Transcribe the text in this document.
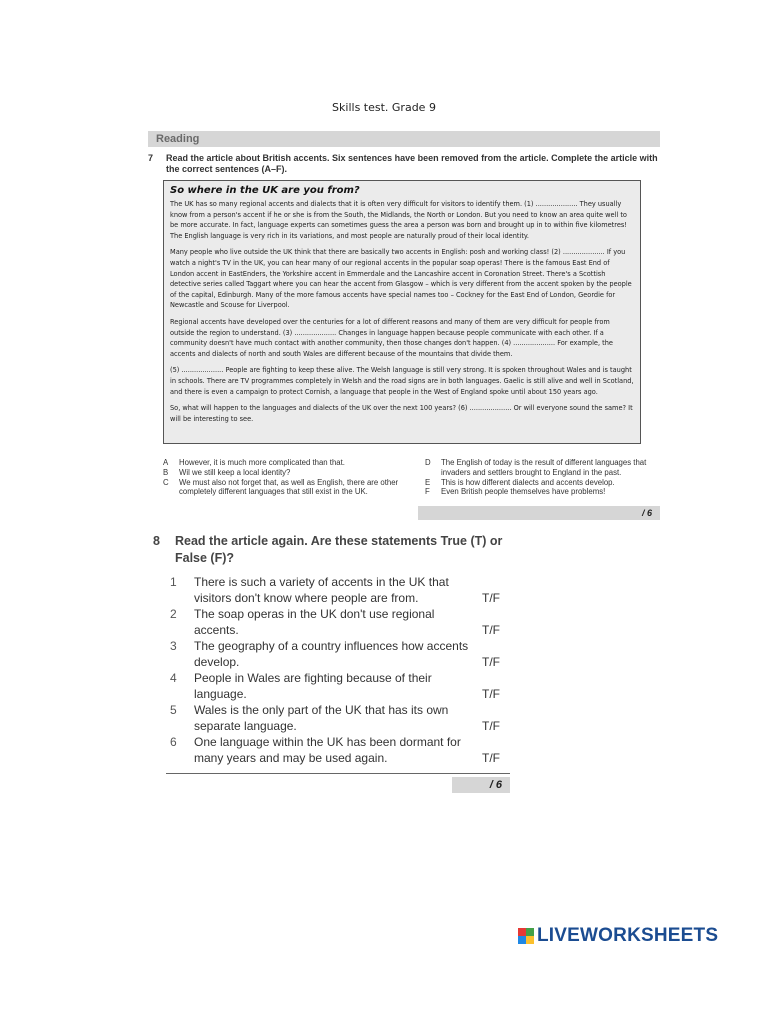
Skills test. Grade 9
Reading
7 Read the article about British accents. Six sentences have been removed from the article. Complete the article with the correct sentences (A–F).
So where in the UK are you from?

The UK has so many regional accents and dialects that it is often very difficult for visitors to identify them. (1) .................... They usually know from a person's accent if he or she is from the South, the Midlands, the North or London. But you need to know an area quite well to be more accurate. In fact, language experts can sometimes guess the area a person was born and brought up in to within five kilometres! The English language is very rich in its variations, and most people are naturally proud of their local identity.

Many people who live outside the UK think that there are basically two accents in English: posh and working class! (2) .................... If you watch a night's TV in the UK, you can hear many of our regional accents in the popular soap operas! There is the famous East End of London accent in EastEnders, the Yorkshire accent in Emmerdale and the Lancashire accent in Coronation Street. There's a Scottish detective series called Taggart where you can hear the accent from Glasgow – which is very different from the accent spoken by the people of the capital, Edinburgh. Many of the more famous accents have special names too – Cockney for the East End of London, Geordie for Newcastle and Scouse for Liverpool.

Regional accents have developed over the centuries for a lot of different reasons and many of them are very difficult for people from outside the region to understand. (3) .................... Changes in language happen because people communicate with each other. If a community doesn't have much contact with another community, then those changes don't happen. (4) .................... For example, the accents and dialects of north and south Wales are different because of the mountains that divide them.

(5) .................... People are fighting to keep these alive. The Welsh language is still very strong. It is spoken throughout Wales and is taught in schools. There are TV programmes completely in Welsh and the road signs are in both languages. Gaelic is still alive and well in Scotland, and there is even a campaign to protect Cornish, a language that people in the West of England spoke until about 150 years ago.

So, what will happen to the languages and dialects of the UK over the next 100 years? (6) .................... Or will everyone sound the same? It will be interesting to see.

A	However, it is much more complicated than that.
B	Wil we still keep a local identity?
C	We must also not forget that, as well as English, there are other completely different languages that still exist in the UK.
D	The English of today is the result of different languages that invaders and settlers brought to England in the past.
E	This is how different dialects and accents develop.
F	Even British people themselves have problems!
/ 6
8 Read the article again. Are these statements True (T) or False (F)?
1 There is such a variety of accents in the UK that visitors don't know where people are from.	T/F
2 The soap operas in the UK don't use regional accents.	T/F
3 The geography of a country influences how accents develop.	T/F
4 People in Wales are fighting because of their language.	T/F
5 Wales is the only part of the UK that has its own separate language.	T/F
6 One language within the UK has been dormant for many years and may be used again.	T/F
/ 6
LIVEWORKSHEETS
